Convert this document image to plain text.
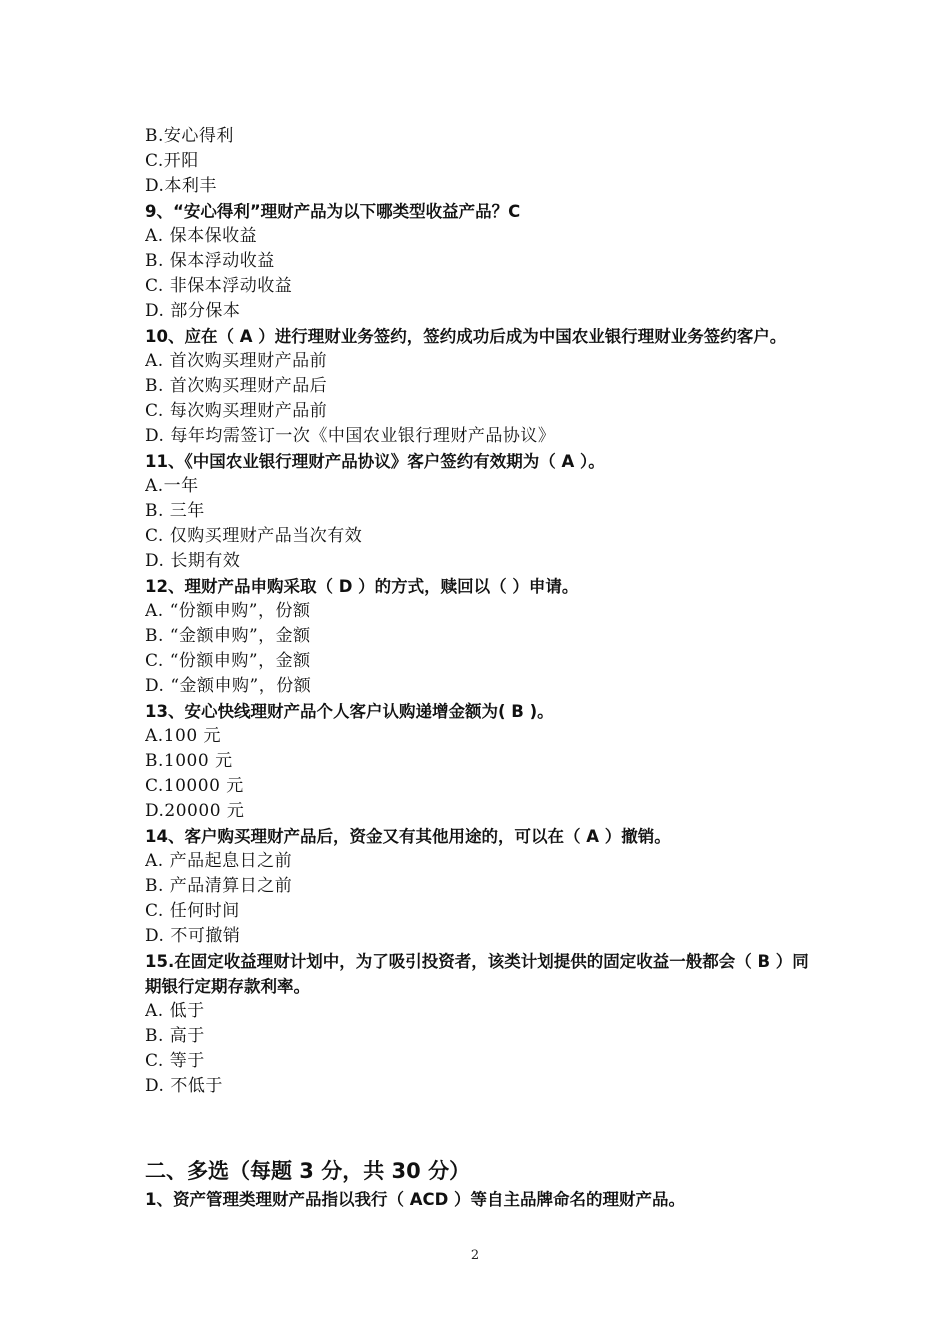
B.安心得利
C.开阳
D.本利丰
9、“安心得利”理财产品为以下哪类型收益产品？C
A. 保本保收益
B. 保本浮动收益
C. 非保本浮动收益
D. 部分保本
10、应在（ A ）进行理财业务签约，签约成功后成为中国农业银行理财业务签约客户。
A. 首次购买理财产品前
B. 首次购买理财产品后
C. 每次购买理财产品前
D. 每年均需签订一次《中国农业银行理财产品协议》
11、《中国农业银行理财产品协议》客户签约有效期为（ A ）。
A.一年
B. 三年
C. 仅购买理财产品当次有效
D. 长期有效
12、理财产品申购采取（ D ）的方式，赎回以（ ）申请。
A. “份额申购”，份额
B. “金额申购”，金额
C. “份额申购”，金额
D. “金额申购”，份额
13、安心快线理财产品个人客户认购递增金额为( B )。
A.100 元
B.1000 元
C.10000 元
D.20000 元
14、客户购买理财产品后，资金又有其他用途的，可以在（ A ）撤销。
A. 产品起息日之前
B. 产品清算日之前
C. 任何时间
D. 不可撤销
15.在固定收益理财计划中，为了吸引投资者，该类计划提供的固定收益一般都会（ B ）同期银行定期存款利率。
A. 低于
B. 高于
C. 等于
D. 不低于
二、多选（每题 3 分，共 30 分）
1、资产管理类理财产品指以我行（ ACD ）等自主品牌命名的理财产品。
2
